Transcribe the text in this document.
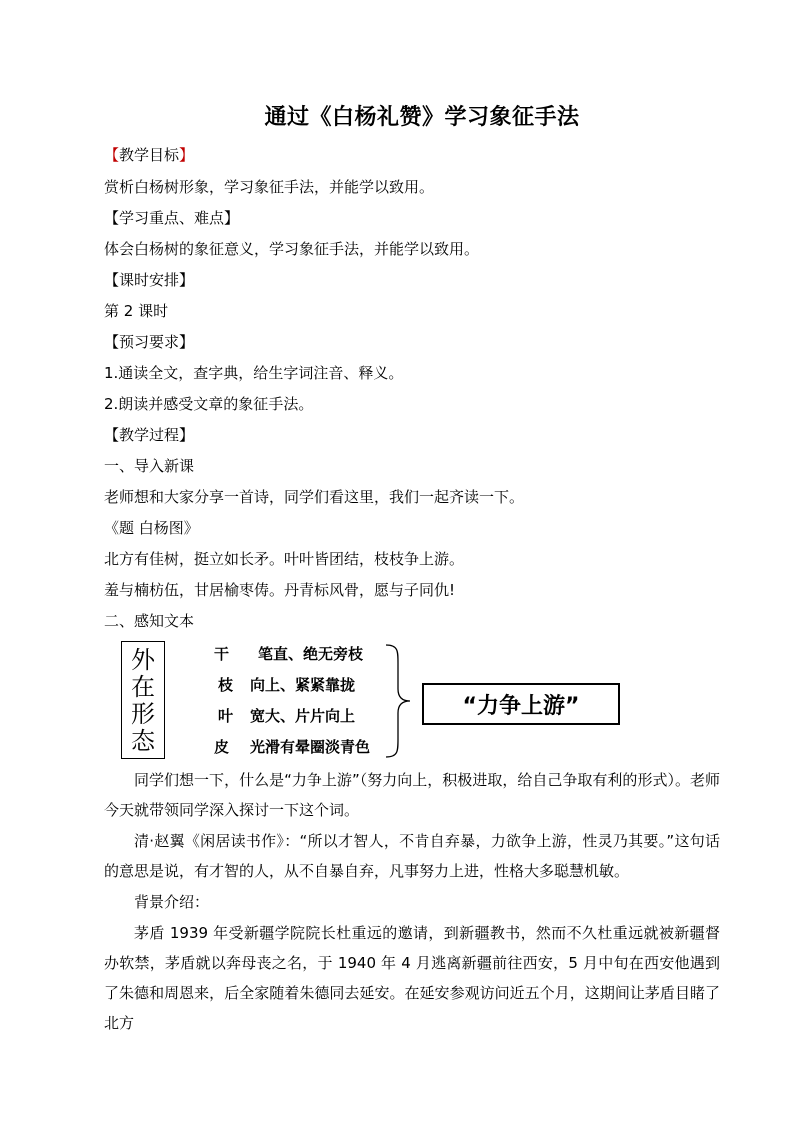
通过《白杨礼赞》学习象征手法
【教学目标】
赏析白杨树形象，学习象征手法，并能学以致用。
【学习重点、难点】
体会白杨树的象征意义，学习象征手法，并能学以致用。
【课时安排】
第 2 课时
【预习要求】
1.通读全文，查字典，给生字词注音、释义。
2.朗读并感受文章的象征手法。
【教学过程】
一、导入新课
老师想和大家分享一首诗，同学们看这里，我们一起齐读一下。
《题 白杨图》
北方有佳树，挺立如长矛。叶叶皆团结，枝枝争上游。
羞与楠枋伍，甘居榆枣俦。丹青标风骨，愿与子同仇!
二、感知文本
外
在
形
态
干 笔直、绝无旁枝
枝 向上、紧紧靠拢
叶 宽大、片片向上
皮 光滑有晕圈淡青色
“力争上游”
同学们想一下，什么是“力争上游”（努力向上，积极进取，给自己争取有利的形式）。老师今天就带领同学深入探讨一下这个词。
清·赵翼《闲居读书作》：“所以才智人，不肯自弃暴，力欲争上游，性灵乃其要。”这句话的意思是说，有才智的人，从不自暴自弃，凡事努力上进，性格大多聪慧机敏。
背景介绍：
茅盾 1939 年受新疆学院院长杜重远的邀请，到新疆教书，然而不久杜重远就被新疆督办软禁，茅盾就以奔母丧之名，于 1940 年 4 月逃离新疆前往西安，5 月中旬在西安他遇到了朱德和周恩来，后全家随着朱德同去延安。在延安参观访问近五个月，这期间让茅盾目睹了北方
